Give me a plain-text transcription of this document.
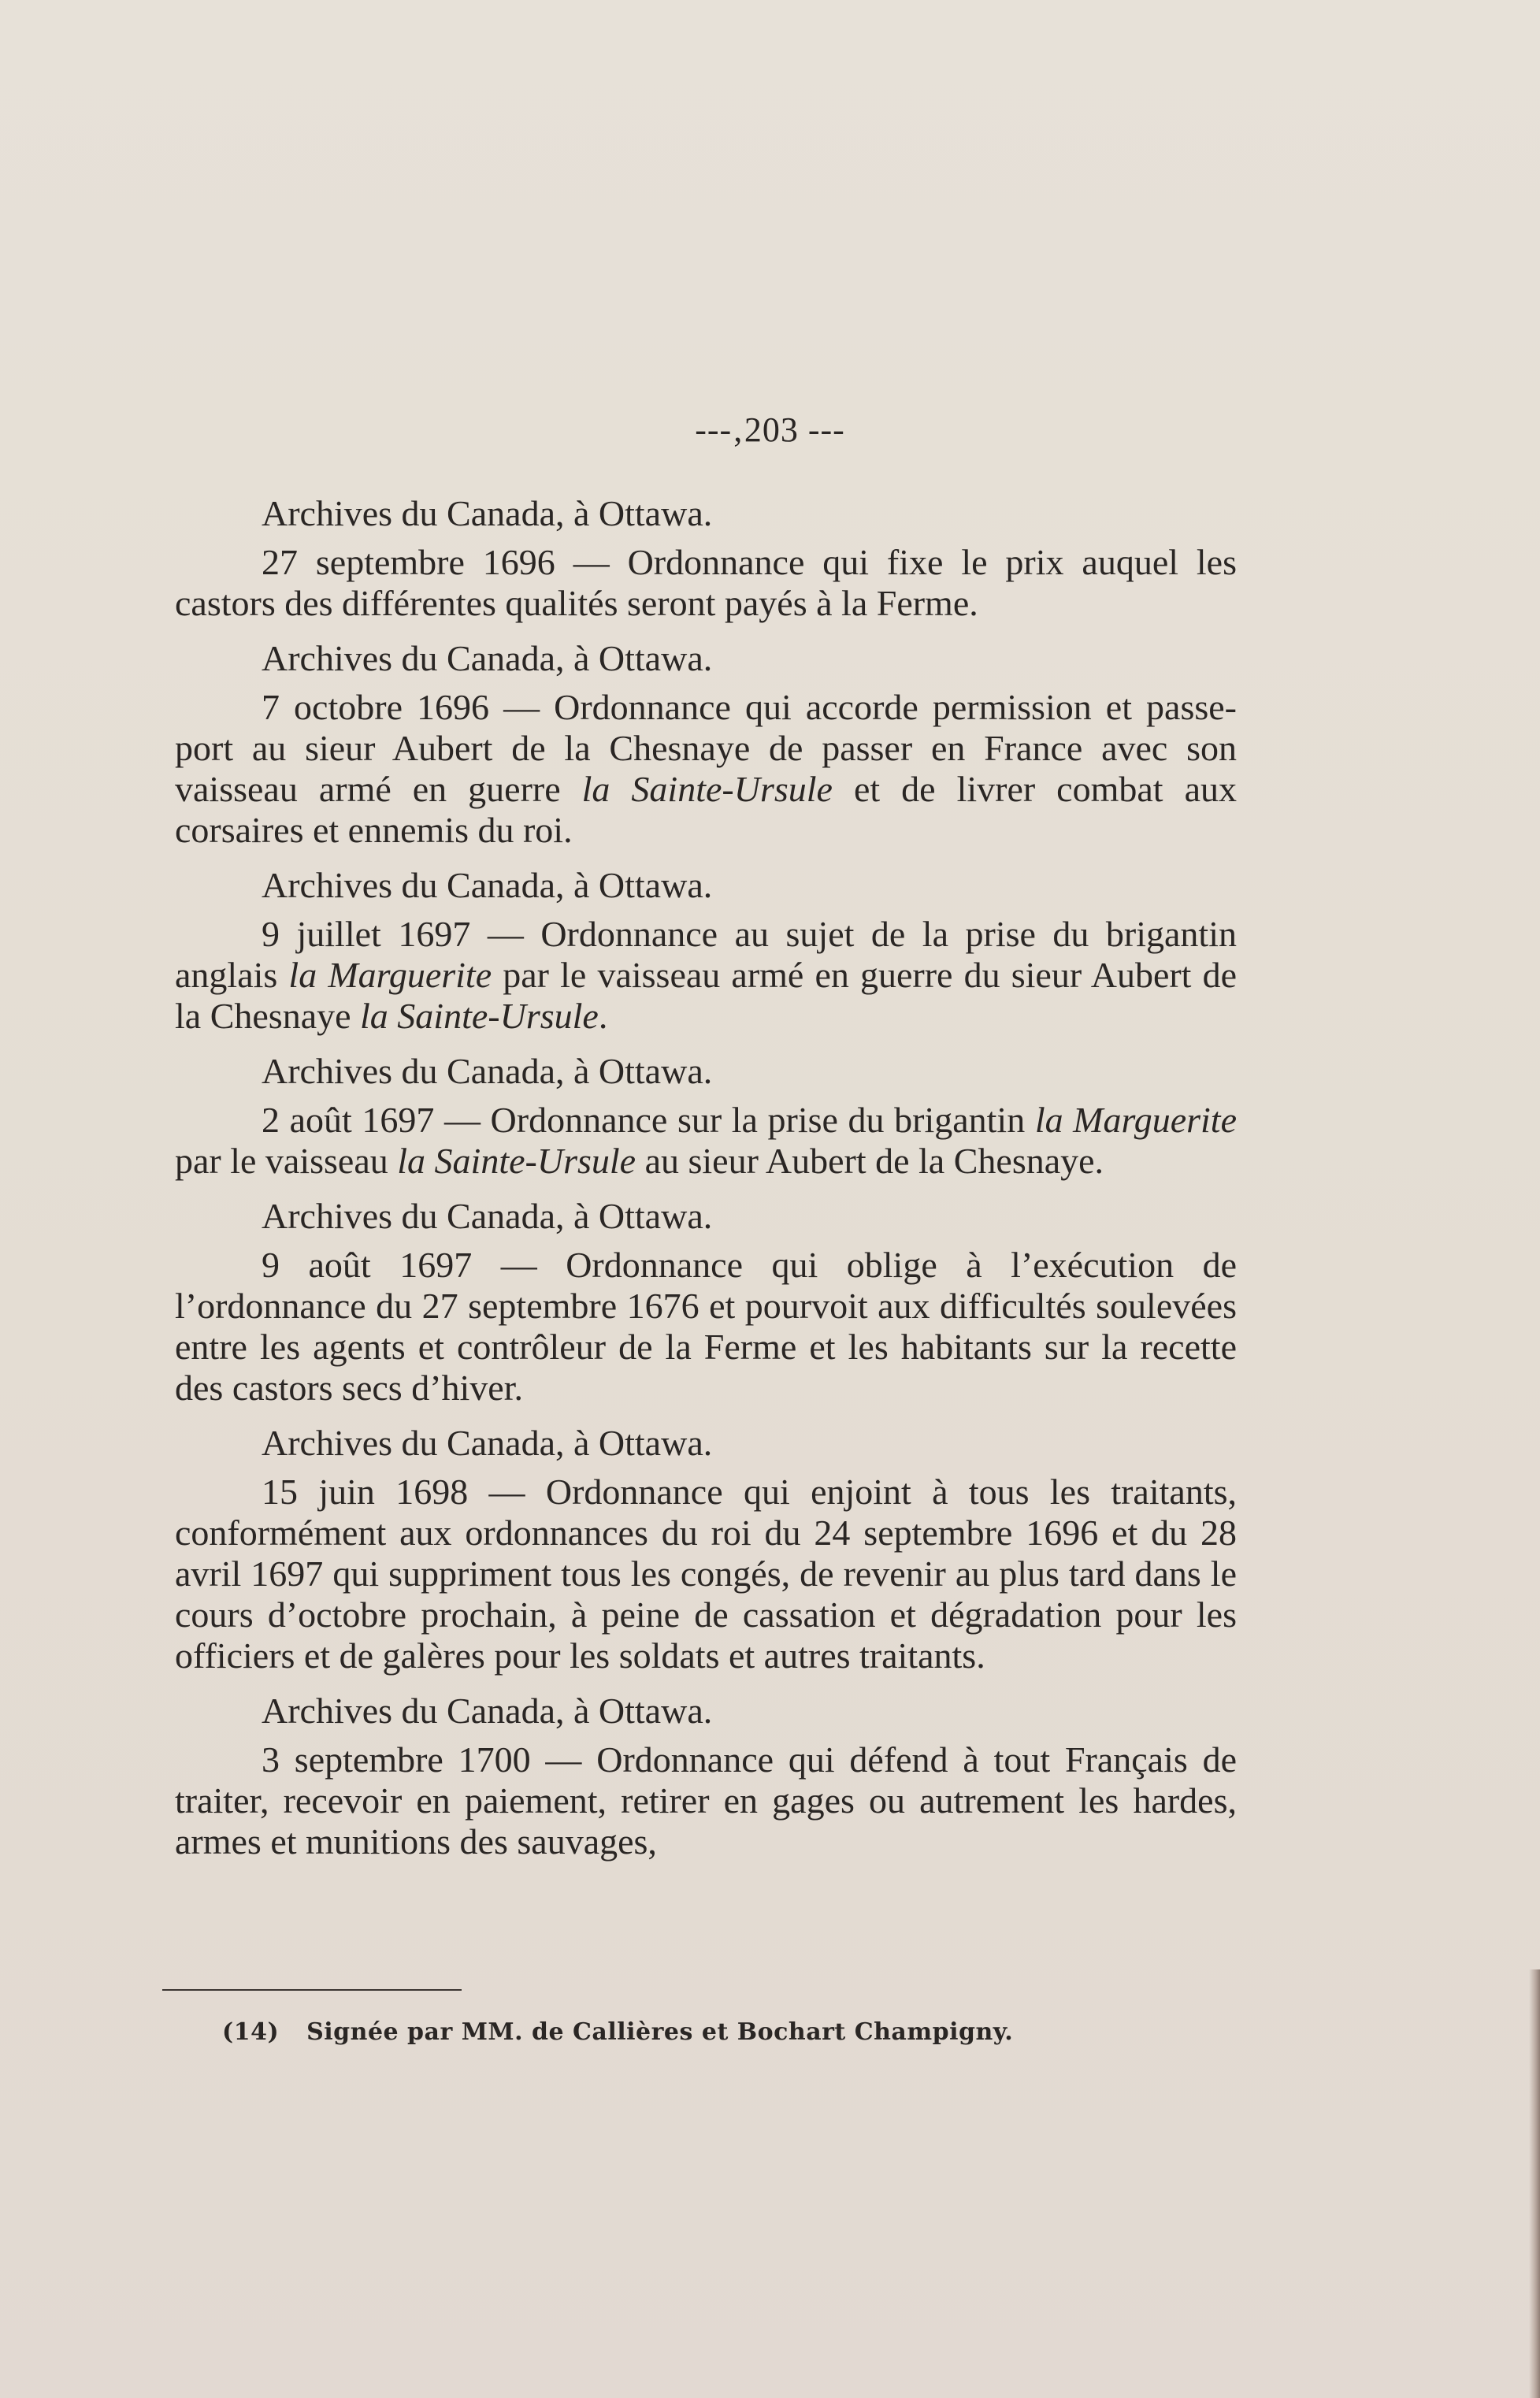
---‚203 ---

Archives du Canada, à Ottawa.

27 septembre 1696 — Ordonnance qui fixe le prix auquel les castors des différentes qualités seront payés à la Ferme.

Archives du Canada, à Ottawa.

7 octobre 1696 — Ordonnance qui accorde permission et passe-port au sieur Aubert de la Chesnaye de passer en France avec son vaisseau armé en guerre la Sainte-Ursule et de livrer combat aux corsaires et ennemis du roi.

Archives du Canada, à Ottawa.

9 juillet 1697 — Ordonnance au sujet de la prise du brigantin anglais la Marguerite par le vaisseau armé en guerre du sieur Aubert de la Chesnaye la Sainte-Ursule.

Archives du Canada, à Ottawa.

2 août 1697 — Ordonnance sur la prise du brigantin la Marguerite par le vaisseau la Sainte-Ursule au sieur Aubert de la Chesnaye.

Archives du Canada, à Ottawa.

9 août 1697 — Ordonnance qui oblige à l’exécution de l’ordonnance du 27 septembre 1676 et pourvoit aux difficultés soulevées entre les agents et contrôleur de la Ferme et les habitants sur la recette des castors secs d’hiver.

Archives du Canada, à Ottawa.

15 juin 1698 — Ordonnance qui enjoint à tous les traitants, conformément aux ordonnances du roi du 24 septembre 1696 et du 28 avril 1697 qui suppriment tous les congés, de revenir au plus tard dans le cours d’octobre prochain, à peine de cassation et dégradation pour les officiers et de galères pour les soldats et autres traitants.

Archives du Canada, à Ottawa.

3 septembre 1700 — Ordonnance qui défend à tout Français de traiter, recevoir en paiement, retirer en gages ou autrement les hardes, armes et munitions des sauvages,

(14) Signée par MM. de Callières et Bochart Champigny.
